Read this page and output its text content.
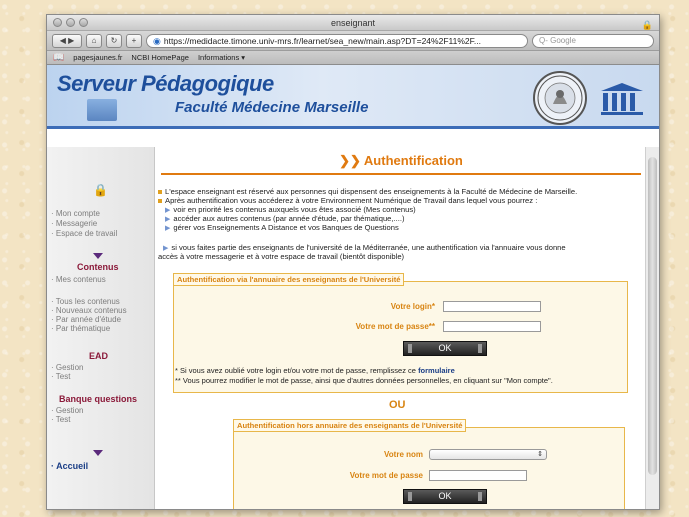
enseignant	🔒
◀ ▶	⌂	↻	+	◉ https://medidacte.timone.univ-mrs.fr/learnet/sea_new/main.asp?DT=24%2F11%2F...	Q- Google
📖 pagesjaunes.fr NCBI HomePage Informations ▾
Serveur Pédagogique
Faculté Médecine Marseille
🔒
· Mon compte
· Messagerie
· Espace de travail
Contenus
· Mes contenus
· Tous les contenus
· Nouveaux contenus
· Par année d'étude
· Par thématique
EAD
· Gestion
· Test
Banque questions
· Gestion
· Test
· Accueil
❯❯ Authentification
L'espace enseignant est réservé aux personnes qui dispensent des enseignements à la Faculté de Médecine de Marseille.
Après authentification vous accéderez à votre Environnement Numérique de Travail dans lequel vous pourrez :
▶ voir en priorité les contenus auxquels vous êtes associé (Mes contenus)
▶ accéder aux autres contenus (par année d'étude, par thématique,....)
▶ gérer vos Enseignements A Distance et vos Banques de Questions
▶ si vous faites partie des enseignants de l'université de la Méditerranée, une authentification via l'annuaire vous donne
accès à votre messagerie et à votre espace de travail (bientôt disponible)
Authentification via l'annuaire des enseignants de l'Université
Votre login*
Votre mot de passe**
OK
* Si vous avez oublié votre login et/ou votre mot de passe, remplissez ce formulaire
** Vous pourrez modifier le mot de passe, ainsi que d'autres données personnelles, en cliquant sur "Mon compte".
OU
Authentification hors annuaire des enseignants de l'Université
Votre nom	⇕
Votre mot de passe
OK
